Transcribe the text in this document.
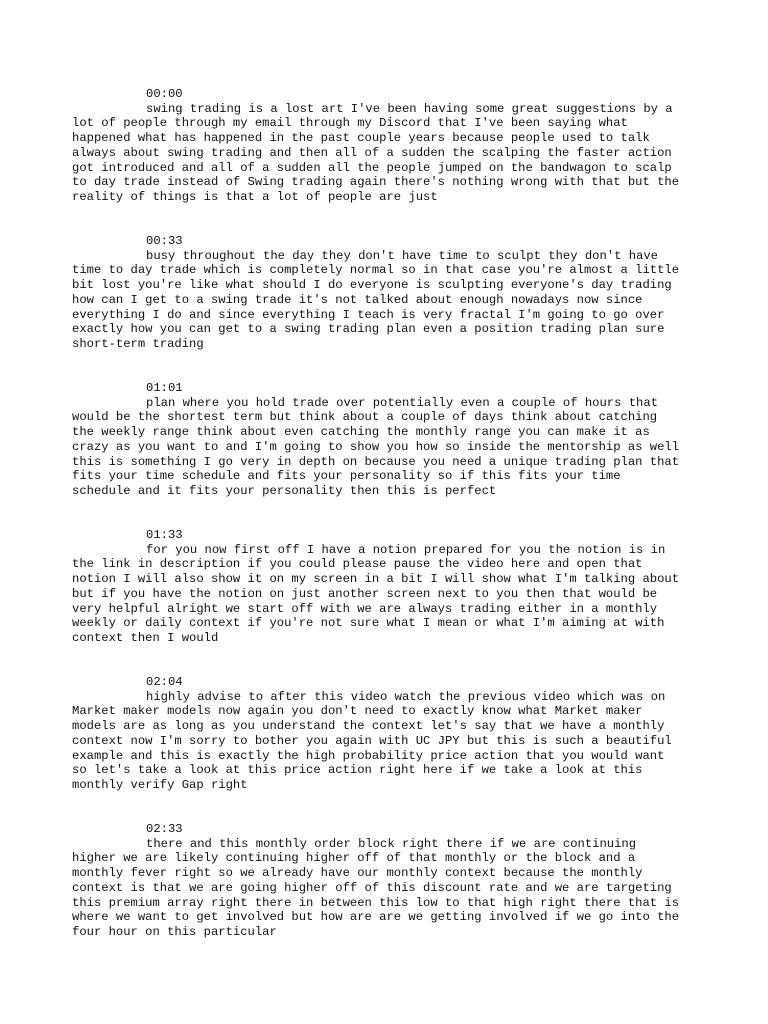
00:00
swing trading is a lost art I've been having some great suggestions by a
lot of people through my email through my Discord that I've been saying what
happened what has happened in the past couple years because people used to talk
always about swing trading and then all of a sudden the scalping the faster action
got introduced and all of a sudden all the people jumped on the bandwagon to scalp
to day trade instead of Swing trading again there's nothing wrong with that but the
reality of things is that a lot of people are just
00:33
busy throughout the day they don't have time to sculpt they don't have
time to day trade which is completely normal so in that case you're almost a little
bit lost you're like what should I do everyone is sculpting everyone's day trading
how can I get to a swing trade it's not talked about enough nowadays now since
everything I do and since everything I teach is very fractal I'm going to go over
exactly how you can get to a swing trading plan even a position trading plan sure
short-term trading
01:01
plan where you hold trade over potentially even a couple of hours that
would be the shortest term but think about a couple of days think about catching
the weekly range think about even catching the monthly range you can make it as
crazy as you want to and I'm going to show you how so inside the mentorship as well
this is something I go very in depth on because you need a unique trading plan that
fits your time schedule and fits your personality so if this fits your time
schedule and it fits your personality then this is perfect
01:33
for you now first off I have a notion prepared for you the notion is in
the link in description if you could please pause the video here and open that
notion I will also show it on my screen in a bit I will show what I'm talking about
but if you have the notion on just another screen next to you then that would be
very helpful alright we start off with we are always trading either in a monthly
weekly or daily context if you're not sure what I mean or what I'm aiming at with
context then I would
02:04
highly advise to after this video watch the previous video which was on
Market maker models now again you don't need to exactly know what Market maker
models are as long as you understand the context let's say that we have a monthly
context now I'm sorry to bother you again with UC JPY but this is such a beautiful
example and this is exactly the high probability price action that you would want
so let's take a look at this price action right here if we take a look at this
monthly verify Gap right
02:33
there and this monthly order block right there if we are continuing
higher we are likely continuing higher off of that monthly or the block and a
monthly fever right so we already have our monthly context because the monthly
context is that we are going higher off of this discount rate and we are targeting
this premium array right there in between this low to that high right there that is
where we want to get involved but how are are we getting involved if we go into the
four hour on this particular
